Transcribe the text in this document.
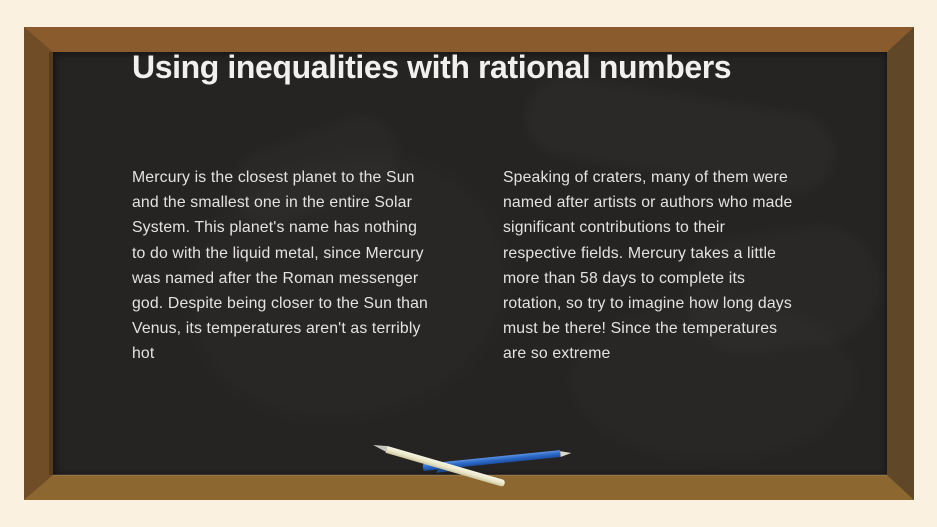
Using inequalities with rational numbers

Mercury is the closest planet to the Sun and the smallest one in the entire Solar System. This planet's name has nothing to do with the liquid metal, since Mercury was named after the Roman messenger god. Despite being closer to the Sun than Venus, its temperatures aren't as terribly hot

Speaking of craters, many of them were named after artists or authors who made significant contributions to their respective fields. Mercury takes a little more than 58 days to complete its rotation, so try to imagine how long days must be there! Since the temperatures are so extreme
